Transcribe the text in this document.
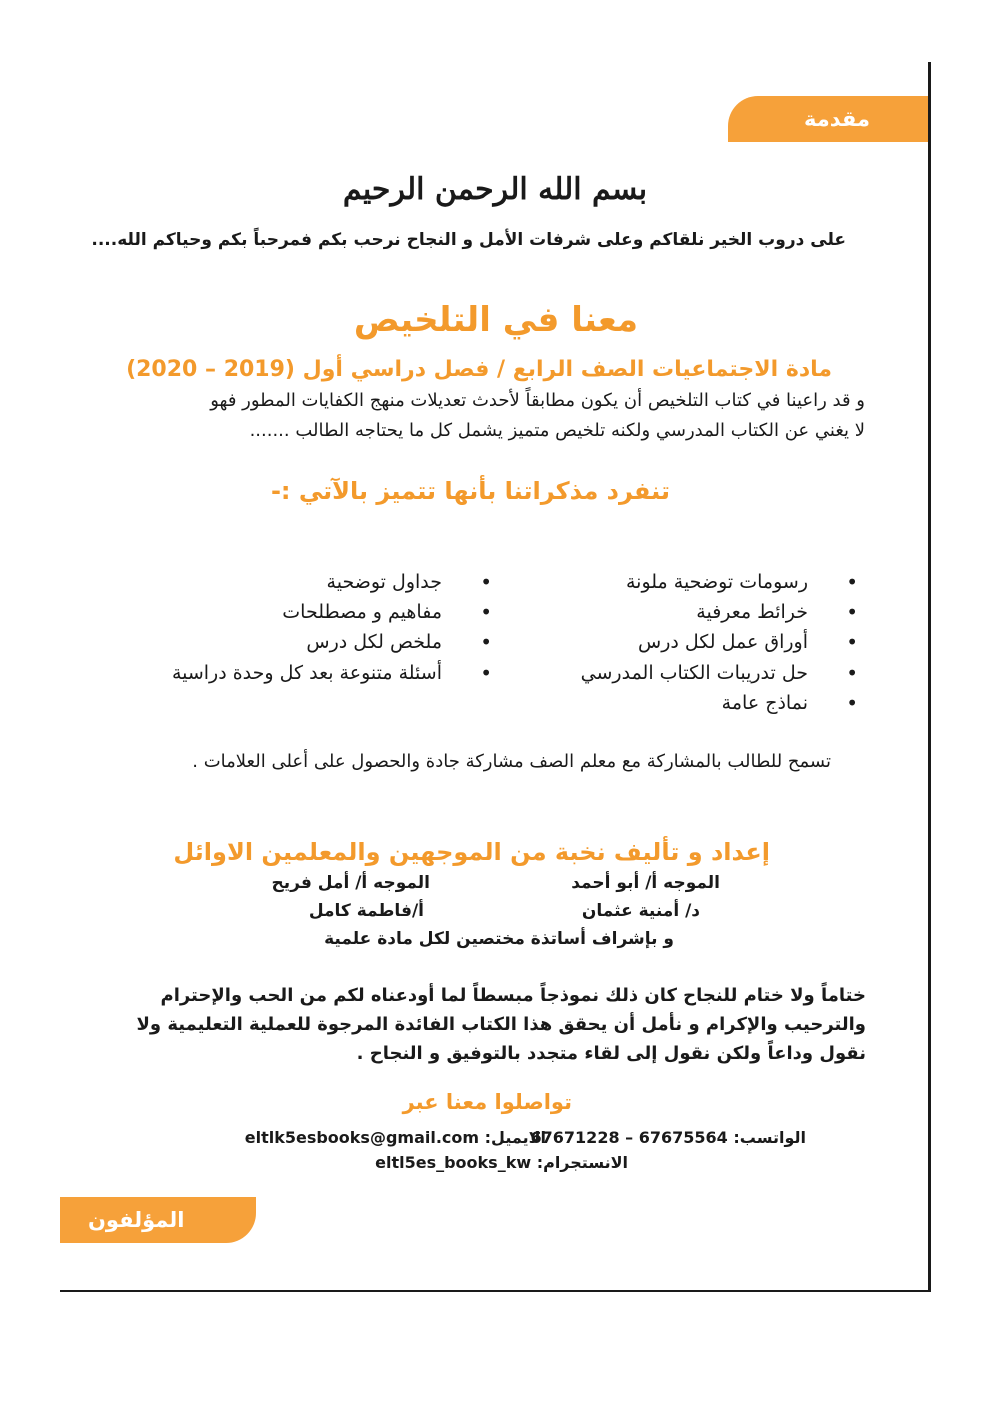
مقدمة
بسم الله الرحمن الرحيم
على دروب الخير نلقاكم وعلى شرفات الأمل و النجاح نرحب بكم فمرحباً بكم وحياكم الله....
معنا في التلخيص
مادة الاجتماعيات الصف الرابع / فصل دراسي أول (2019 – 2020)
و قد راعينا في كتاب التلخيص أن يكون مطابقاً لأحدث تعديلات منهج الكفايات المطور فهو
لا يغني عن الكتاب المدرسي ولكنه تلخيص متميز يشمل كل ما يحتاجه الطالب .......
تنفرد مذكراتنا بأنها تتميز بالآتي :-
• رسومات توضحية ملونة
• خرائط معرفية
• أوراق عمل لكل درس
• حل تدريبات الكتاب المدرسي
• نماذج عامة
• جداول توضحية
• مفاهيم و مصطلحات
• ملخص لكل درس
• أسئلة متنوعة بعد كل وحدة دراسية
تسمح للطالب بالمشاركة مع معلم الصف مشاركة جادة والحصول على أعلى العلامات .
إعداد و تأليف نخبة من الموجهين والمعلمين الاوائل
الموجه أ/ أبو أحمد
الموجه أ/ أمل فريح
د/ أمنية عثمان
أ/فاطمة كامل
و بإشراف أساتذة مختصين لكل مادة علمية
ختاماً ولا ختام للنجاح كان ذلك نموذجاً مبسطاً لما أودعناه لكم من الحب والإحترام
والترحيب والإكرام و نأمل أن يحقق هذا الكتاب الفائدة المرجوة للعملية التعليمية ولا
نقول وداعاً ولكن نقول إلى لقاء متجدد بالتوفيق و النجاح .
تواصلوا معنا عبر
الواتسب: 67671228 – 67675564
الايميل: eltlk5esbooks@gmail.com
الانستجرام: eltl5es_books_kw
المؤلفون
